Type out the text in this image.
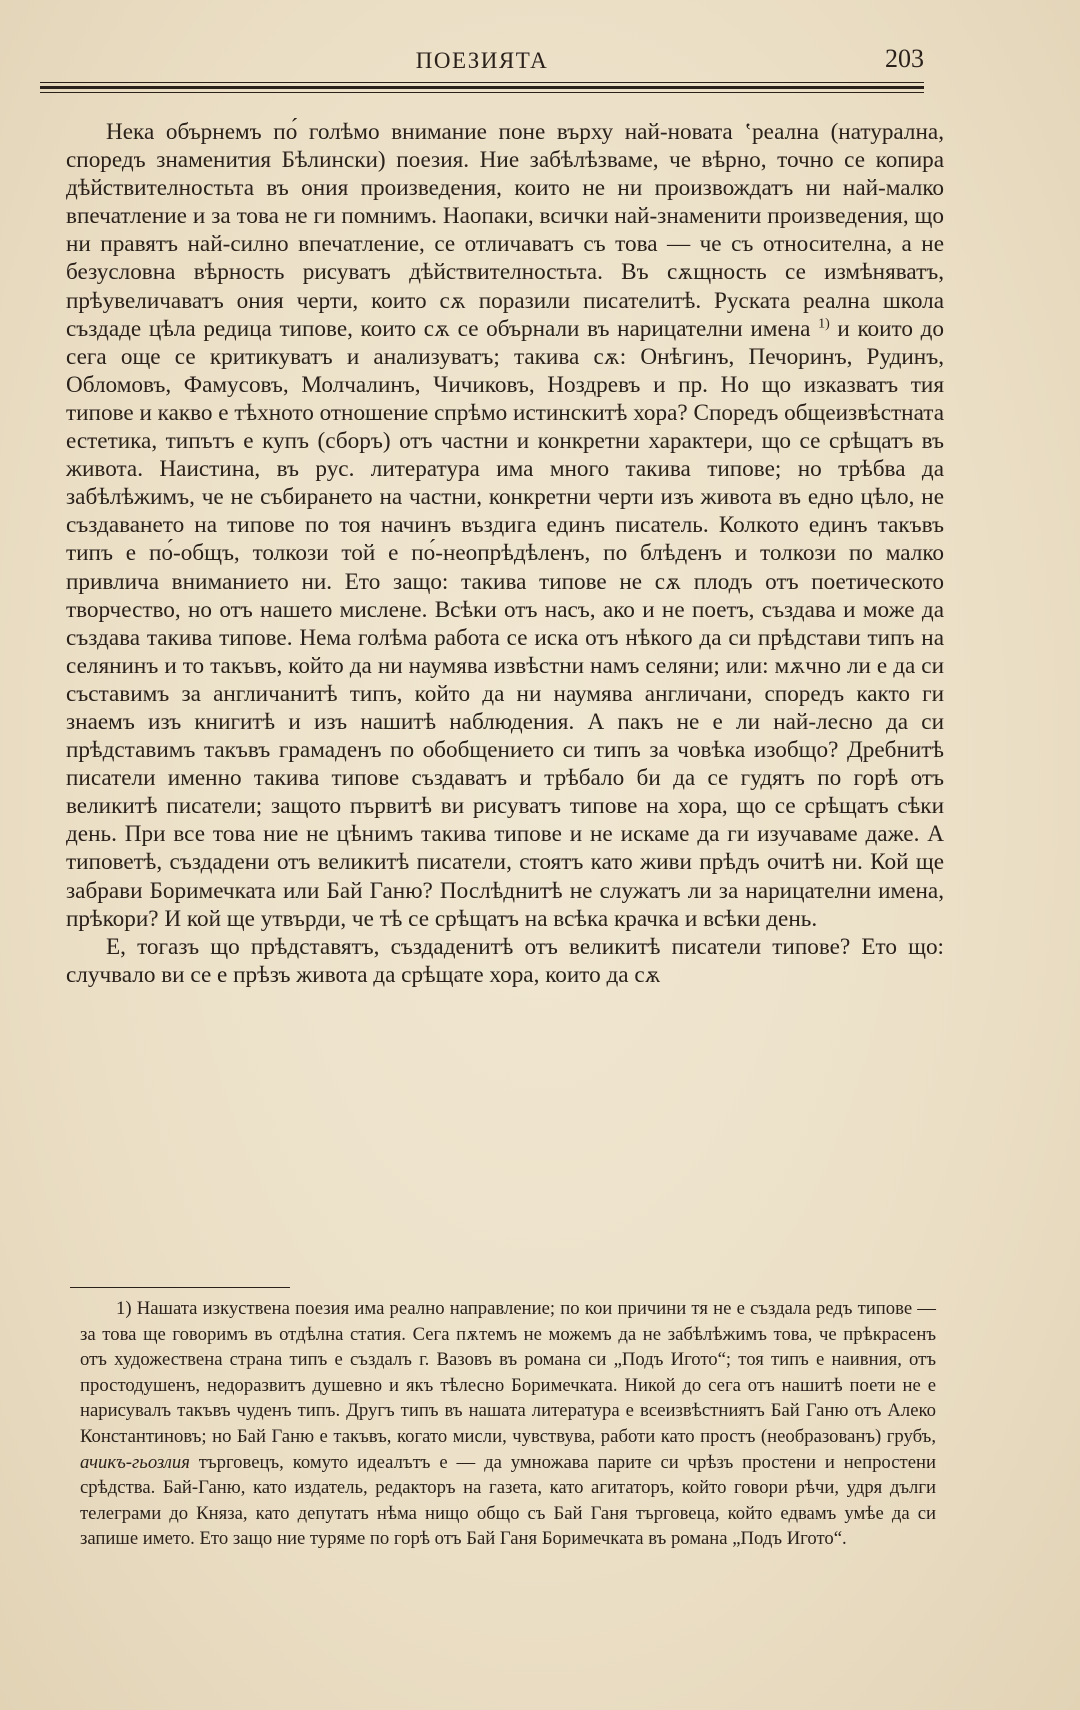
ПОЕЗИЯТА	203

Нека обърнемъ по́ голѣмо внимание поне върху най-новата ʽреална (натурална, споредъ знаменития Бѣлински) поезия. Ние забѣлѣзваме, че вѣрно, точно се копира дѣйствителностьта въ ония произведения, които не ни произвождатъ ни най-малко впечатление и за това не ги помнимъ. Наопаки, всички най-знаменити произведения, що ни правятъ най-силно впечатление, се отличаватъ съ това — че съ относителна, а не безусловна вѣрность рисуватъ дѣйствителностьта. Въ сѫщность се измѣняватъ, прѣувеличаватъ ония черти, които сѫ поразили писателитѣ. Руската реална школа създаде цѣла редица типове, които сѫ се обърнали въ нарицателни имена $^{1)}$ и които до сега още се критикуватъ и анализуватъ; такива сѫ: Онѣгинъ, Печоринъ, Рудинъ, Обломовъ, Фамусовъ, Молчалинъ, Чичиковъ, Ноздревъ и пр. Но що изказватъ тия типове и какво е тѣхното отношение спрѣмо истинскитѣ хора? Споредъ общеизвѣстната естетика, типътъ е купъ (сборъ) отъ частни и конкретни характери, що се срѣщатъ въ живота. Наистина, въ рус. литература има много такива типове; но трѣбва да забѣлѣжимъ, че не събирането на частни, конкретни черти изъ живота въ едно цѣло, не създаването на типове по тоя начинъ въздига единъ писатель. Колкото единъ такъвъ типъ е по́-общъ, толкози той е по́-неопрѣдѣленъ, по блѣденъ и толкози по малко привлича вниманието ни. Ето защо: такива типове не сѫ плодъ отъ поетическото творчество, но отъ нашето мислене. Всѣки отъ насъ, ако и не поетъ, създава и може да създава такива типове. Нема голѣма работа се иска отъ нѣкого да си прѣдстави типъ на селянинъ и то такъвъ, който да ни наумява извѣстни намъ селяни; или: мѫчно ли е да си съставимъ за англичанитѣ типъ, който да ни наумява англичани, споредъ както ги знаемъ изъ книгитѣ и изъ нашитѣ наблюдения. А пакъ не е ли най-лесно да си прѣдставимъ такъвъ грамаденъ по обобщението си типъ за човѣка изобщо? Дребнитѣ писатели именно такива типове създаватъ и трѣбало би да се гудятъ по горѣ отъ великитѣ писатели; защото първитѣ ви рисуватъ типове на хора, що се срѣщатъ сѣки день. При все това ние не цѣнимъ такива типове и не искаме да ги изучаваме даже. А типоветѣ, създадени отъ великитѣ писатели, стоятъ като живи прѣдъ очитѣ ни. Кой ще забрави Боримечката или Бай Ганю? Послѣднитѣ не служатъ ли за нарицателни имена, прѣкори? И кой ще утвърди, че тѣ се срѣщатъ на всѣка крачка и всѣки день.

Е, тогазъ що прѣдставятъ, създаденитѣ отъ великитѣ писатели типове? Ето що: случвало ви се е прѣзъ живота да срѣщате хора, които да сѫ

1) Нашата изкуствена поезия има реално направление; по кои причини тя не е създала редъ типове — за това ще говоримъ въ отдѣлна статия. Сега пѫтемъ не можемъ да не забѣлѣжимъ това, че прѣкрасенъ отъ художествена страна типъ е създалъ г. Вазовъ въ романа си „Подъ Игото“; тоя типъ е наивния, отъ простодушенъ, недоразвитъ душевно и якъ тѣлесно Боримечката. Никой до сега отъ нашитѣ поети не е нарисувалъ такъвъ чуденъ типъ. Другъ типъ въ нашата литература е всеизвѣстниятъ Бай Ганю отъ Алеко Константиновъ; но Бай Ганю е такъвъ, когато мисли, чувствува, работи като простъ (необразованъ) грубъ, ачикъ-гьозлия търговецъ, комуто идеалътъ е — да умножава парите си чрѣзъ простени и непростени срѣдства. Бай-Ганю, като издатель, редакторъ на газета, като агитаторъ, който говори рѣчи, удря дълги телеграми до Княза, като депутатъ нѣма нищо общо съ Бай Ганя търговеца, който едвамъ умѣе да си запише името. Ето защо ние туряме по горѣ отъ Бай Ганя Боримечката въ романа „Подъ Игото“.
